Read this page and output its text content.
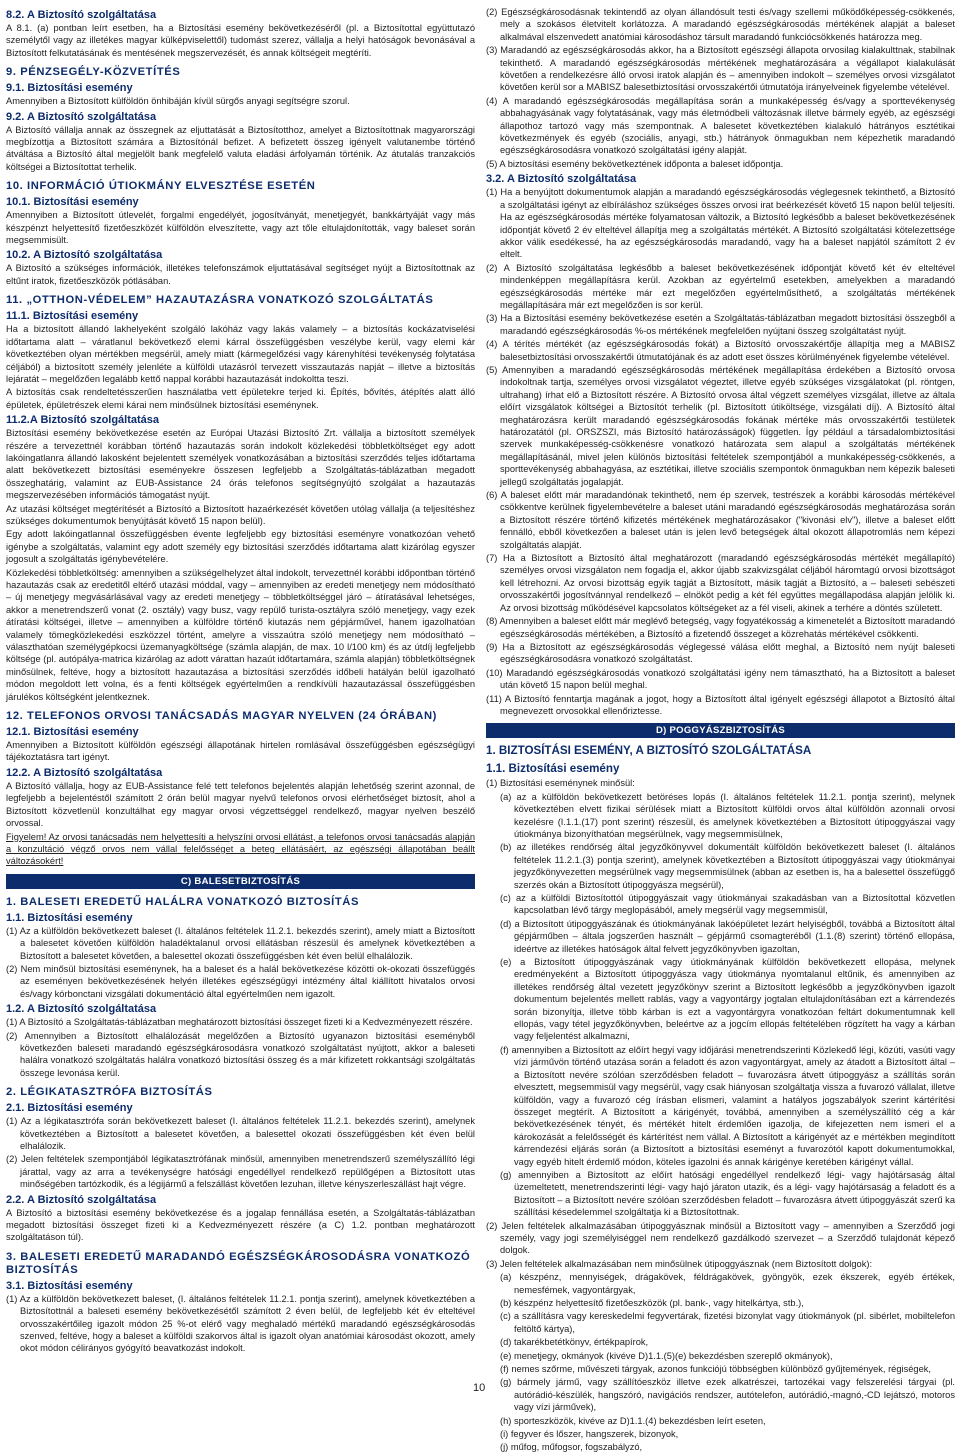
8.2. A Biztosító szolgáltatása

A 8.1. (a) pontban leírt esetben, ha a Biztosítási esemény bekövetkezéséről (pl. a Biztosítottal együttutazó személytől vagy az illetékes magyar külképviselettől) tudomást szerez, vállalja a helyi hatóságok bevonásával a Biztosított felkutatásának és mentésének megszervezését, és annak költségeit megtéríti.

9. PÉNZSEGÉLY-KÖZVETÍTÉS
9.1. Biztosítási esemény

Amennyiben a Biztosított külföldön önhibáján kívül sürgős anyagi segítségre szorul.

9.2. A Biztosító szolgáltatása

A Biztosító vállalja annak az összegnek az eljuttatását a Biztosítotthoz, amelyet a Biztosítottnak magyarországi megbízottja a Biztosított számára a Biztosítónál befizet. A befizetett összeg igényelt valutanembe történő átváltása a Biztosító által megjelölt bank megfelelő valuta eladási árfolyamán történik. Az átutalás tranzakciós költségei a Biztosítottat terhelik.

10. INFORMÁCIÓ ÚTIOKMÁNY ELVESZTÉSE ESETÉN
10.1. Biztosítási esemény

Amennyiben a Biztosított útlevelét, forgalmi engedélyét, jogosítványát, menetjegyét, bankkártyáját vagy más készpénzt helyettesítő fizetőeszközét külföldön elveszítette, vagy azt tőle eltulajdonították, vagy baleset során megsemmisült.

10.2. A Biztosító szolgáltatása

A Biztosító a szükséges információk, illetékes telefonszámok eljuttatásával segítséget nyújt a Biztosítottnak az eltűnt iratok, fizetőeszközök pótlásában.

11. „OTTHON-VÉDELEM” HAZAUTAZÁSRA VONATKOZÓ SZOLGÁLTATÁS
11.1. Biztosítási esemény

Ha a biztosított állandó lakhelyeként szolgáló lakóház vagy lakás valamely – a biztosítás kockázatviselési időtartama alatt – váratlanul bekövetkező elemi kárral összefüggésben veszélybe kerül, vagy elemi kár következtében olyan mértékben megsérül, amely miatt (kármegelőzési vagy kárenyhítési tevékenység folytatása céljából) a biztosított személy jelenléte a külföldi utazásról tervezett visszautazás napját – illetve a biztosítás lejáratát – megelőzően legalább kettő nappal korábbi hazautazását indokoltta teszi.

A biztosítás csak rendeltetésszerűen használatba vett épületekre terjed ki. Építés, bővítés, átépítés alatt álló épületek, épületrészek elemi kárai nem minősülnek biztosítási eseménynek.

11.2.A Biztosító szolgáltatása

Biztosítási esemény bekövetkezése esetén az Európai Utazási Biztosító Zrt. vállalja a biztosított személyek részére a tervezettnél korábban történő hazautazás során indokolt közlekedési többletköltséget egy adott lakóingatlanra állandó lakosként bejelentett személyek vonatkozásában a biztosítási szerződés teljes időtartama alatt bekövetkezett biztosítási eseményekre összesen legfeljebb a Szolgáltatás-táblázatban megadott összeghatárig, valamint az EUB-Assistance 24 órás telefonos segítségnyújtó szolgálat a hazautazás megszervezésében információs támogatást nyújt.

Az utazási költséget megtérítését a Biztosító a Biztosított hazaérkezését követően utólag vállalja (a teljesítéshez szükséges dokumentumok benyújtását követő 15 napon belül).

Egy adott lakóingatlannal összefüggésben évente legfeljebb egy biztosítási eseményre vonatkozóan vehető igénybe a szolgáltatás, valamint egy adott személy egy biztosítási szerződés időtartama alatt kizárólag egyszer jogosult a szolgáltatás igénybevételére.

Közlekedési többletköltség: amennyiben a szükségelhelyzet által indokolt, tervezettnél korábbi időpontban történő hazautazás csak az eredetitől eltérő utazási móddal, vagy – amennyiben az eredeti menetjegy nem módosítható – új menetjegy megvásárlásával vagy az eredeti menetjegy – többletköltséggel járó – átíratásával lehetséges, akkor a menetrendszerű vonat (2. osztály) vagy busz, vagy repülő turista-osztályra szóló menetjegy, vagy ezek átíratási költségei, illetve – amennyiben a külföldre történő kiutazás nem gépjárművel, hanem igazolhatóan valamely tömegközlekedési eszközzel történt, amelyre a visszaútra szóló menetjegy nem módosítható – választhatóan személygépkocsi üzemanyagköltsége (számla alapján, de max. 10 l/100 km) és az útdíj legfeljebb költsége (pl. autópálya-matrica kizárólag az adott várattan hazaút időtartamára, számla alapján) többletköltségnek minősülnek, feltéve, hogy a biztosított hazautazása a biztosítási szerződés időbeli hatályán belül igazolható módon megoldott lett volna, és a fenti költségek egyértelműen a rendkívüli hazautazással összefüggésben járulékos költségként jelentkeznek.

12. TELEFONOS ORVOSI TANÁCSADÁS MAGYAR NYELVEN (24 ÓRÁBAN)
12.1. Biztosítási esemény

Amennyiben a Biztosított külföldön egészségi állapotának hirtelen romlásával összefüggésben egészségügyi tájékoztatásra tart igényt.

12.2. A Biztosító szolgáltatása

A Biztosító vállalja, hogy az EUB-Assistance felé tett telefonos bejelentés alapján lehetőség szerint azonnal, de legfeljebb a bejelentéstől számított 2 órán belül magyar nyelvű telefonos orvosi elérhetőséget biztosít, ahol a Biztosított közvetlenül konzultálhat egy magyar orvosi végzettséggel rendelkező, magyar nyelven beszélő orvossal.

Figyelem! Az orvosi tanácsadás nem helyettesíti a helyszíni orvosi ellátást, a telefonos orvosi tanácsadás alapján a konzultáció végző orvos nem vállal felelősséget a beteg ellátásáért, az egészségi állapotában beállt változásokért!

C) BALESETBIZTOSÍTÁS
1. BALESETI EREDETŰ HALÁLRA VONATKOZÓ BIZTOSÍTÁS
1.1. Biztosítási esemény

(1) Az a külföldön bekövetkezett baleset (I. általános feltételek 11.2.1. bekezdés szerint), amely miatt a Biztosított a balesetet követően külföldön haladéktalanul orvosi ellátásban részesül és amelynek következtében a Biztosított a balesetet követően, a balesettel okozati összefüggésben két éven belül elhalálozik.

(2) Nem minősül biztosítási eseménynek, ha a baleset és a halál bekövetkezése közötti ok-okozati összefüggés az eseményen bekövetkezésének helyén illetékes egészségügyi intézmény által kiállított hivatalos orvosi és/vagy kórbonctani vizsgálati dokumentáció által egyértelműen nem igazolt.

1.2. A Biztosító szolgáltatása

(1) A Biztosító a Szolgáltatás-táblázatban meghatározott biztosítási összeget fizeti ki a Kedvezményezett részére.

(2) Amennyiben a Biztosított elhalálozását megelőzően a Biztosító ugyanazon biztosítási eseményből következően baleseti maradandó egészségkárosodásra vonatkozó szolgáltatást nyújtott, akkor a baleseti halálra vonatkozó szolgáltatás halálra vonatkozó biztosítási összeg és a már kifizetett rokkantsági szolgáltatás összege levonása kerül.

2. LÉGIKATASZTRÓFA BIZTOSÍTÁS
2.1. Biztosítási esemény

(1) Az a légikatasztrófa során bekövetkezett baleset (I. általános feltételek 11.2.1. bekezdés szerint), amelynek következtében a Biztosított a balesetet követően, a balesettel okozati összefüggésben két éven belül elhalálozik.

(2) Jelen feltételek szempontjából légikatasztrófának minősül, amennyiben menetrendszerű személyszállító légi járattal, vagy az arra a tevékenységre hatósági engedéllyel rendelkező repülőgépen a Biztosított utas minőségében tartózkodik, és a légijármű a felszállást követően lezuhan, illetve kényszerleszállást hajt végre.

2.2. A Biztosító szolgáltatása

A Biztosító a biztosítási esemény bekövetkezése és a jogalap fennállása esetén, a Szolgáltatás-táblázatban megadott biztosítási összeget fizeti ki a Kedvezményezett részére (a C) 1.2. pontban meghatározott szolgáltatáson túl).

3. BALESETI EREDETŰ MARADANDÓ EGÉSZSÉGKÁROSODÁSRA VONATKOZÓ BIZTOSÍTÁS
3.1. Biztosítási esemény

(1) Az a külföldön bekövetkezett baleset, (I. általános feltételek 11.2.1. pontja szerint), amelynek következtében a Biztosítottnál a baleseti esemény bekövetkezésétől számított 2 éven belül, de legfeljebb két év elteltével orvosszakértőileg igazolt módon 25 %-ot elérő vagy meghaladó mértékű maradandó egészségkárosodás szenved, feltéve, hogy a baleset a külföldi szakorvos által is igazolt olyan anatómiai károsodást okozott, amely okot módon célirányos gyógyító beavatkozást indokolt.

(2) Egészségkárosodásnak tekintendő az olyan állandósult testi és/vagy szellemi működőképesség-csökkenés, mely a szokásos életvitelt korlátozza. A maradandó egészségkárosodás mértékének alapját a baleset alkalmával elszenvedett anatómiai károsodáshoz társult maradandó funkciócsökkenés határozza meg.

(3) Maradandó az egészségkárosodás akkor, ha a Biztosított egészségi állapota orvosilag kialakulttnak, stabilnak tekinthető. A maradandó egészségkárosodás mértékének meghatározására a végállapot kialakulását követően a rendelkezésre álló orvosi iratok alapján és – amennyiben indokolt – személyes orvosi vizsgálatot követően kerül sor a MABISZ balesetbiztosítási orvosszakértői útmutatója irányelveinek figyelembe vételével.

(4) A maradandó egészségkárosodás megállapítása során a munkaképesség és/vagy a sporttevékenység abbahagyásának vagy folytatásának, vagy más életmódbeli változásnak illetve bármely egyéb, az egészségi állapothoz tartozó vagy más szempontnak. A balesetet következtében kialakuló hátrányos esztétikai következmények és egyéb (szociális, anyagi, stb.) hátrányok önmagukban nem képezhetik maradandó egészségkárosodásra vonatkozó szolgáltatási igény alapját.

(5) A biztosítási esemény bekövetkeztének időponta a baleset időpontja.

3.2. A Biztosító szolgáltatása

(1) Ha a benyújtott dokumentumok alapján a maradandó egészségkárosodás véglegesnek tekinthető, a Biztosító a szolgáltatási igényt az elbíráláshoz szükséges összes orvosi irat beérkezését követő 15 napon belül teljesíti. Ha az egészségkárosodás mértéke folyamatosan változik, a Biztosító legkésőbb a baleset bekövetkezésének időpontját követő 2 év elteltével állapítja meg a szolgáltatás mértékét. A Biztosító szolgáltatási kötelezettsége akkor válik esedékessé, ha az egészségkárosodás maradandó, vagy ha a baleset napjától számított 2 év eltelt.

(2) A Biztosító szolgáltatása legkésőbb a baleset bekövetkezésének időpontját követő két év elteltével mindenképpen megállapításra kerül. Azokban az egyértelmű esetekben, amelyekben a maradandó egészségkárosodás mértéke már ezt megelőzően egyértelműsíthető, a szolgáltatás mértékének megállapítására már ezt megelőzően is sor kerül.

(3) Ha a Biztosítási esemény bekövetkezése esetén a Szolgáltatás-táblázatban megadott biztosítási összegből a maradandó egészségkárosodás %-os mértékének megfelelően nyújtani összeg szolgáltatást nyújt.

(4) A térítés mértékét (az egészségkárosodás fokát) a Biztosító orvosszakértője állapítja meg a MABISZ balesetbiztosítási orvosszakértői útmutatójának és az adott eset összes körülményének figyelembe vételével.

(5) Amennyiben a maradandó egészségkárosodás mértékének megállapítása érdekében a Biztosító orvosa indokoltnak tartja, személyes orvosi vizsgálatot végeztet, illetve egyéb szükséges vizsgálatokat (pl. röntgen, ultrahang) írhat elő a Biztosított részére. A Biztosító orvosa által végzett személyes vizsgálat, illetve az általa előírt vizsgálatok költségei a Biztosítót terhelik (pl. Biztosított útiköltsége, vizsgálati díj). A Biztosító által meghatározásra került maradandó egészségkárosodás fokának mértéke más orvosszakértői testületek határozatától (pl. ORSZSZI, más Biztosító határozásságok) független. Így például a társadalombiztosítási szervek munkaképesség-csökkenésre vonatkozó határozata sem alapul a szolgáltatás mértékének megállapításánál, mivel jelen különös biztosítási feltételek szempontjából a munkaképesség-csökkenés, a sporttevékenység abbahagyása, az esztétikai, illetve szociális szempontok önmagukban nem képezik baleseti jellegű szolgáltatás jogalapját.

(6) A baleset előtt már maradandónak tekinthető, nem ép szervek, testrészek a korábbi károsodás mértékével csökkentve kerülnek figyelembevételre a baleset utáni maradandó egészségkárosodás meghatározása során a Biztosított részére történő kifizetés mértékének meghatározásakor ("kivonási elv"), illetve a baleset előtt fennálló, ebből következően a baleset után is jelen levő betegségek által okozott állapotromlás nem képezi szolgáltatás alapját.

(7) Ha a Biztosított a Biztosító által meghatározott (maradandó egészségkárosodás mértékét megállapító) személyes orvosi vizsgálaton nem fogadja el, akkor újabb szakvizsgálat céljából háromtagú orvosi bizottságot kell létrehozni. Az orvosi bizottság egyik tagját a Biztosított, másik tagját a Biztosító, a – baleseti sebészeti orvosszakértői jogosítvánnyal rendelkező – elnököt pedig a két fél együttes megállapodása alapján jelölik ki. Az orvosi bizottság működésével kapcsolatos költségeket az a fél viseli, akinek a terhére a döntés született.

(8) Amennyiben a baleset előtt már meglévő betegség, vagy fogyatékosság a kimenetelét a Biztosított maradandó egészségkárosodás mértékében, a Biztosító a fizetendő összeget a közrehatás mértékével csökkenti.

(9) Ha a Biztosított az egészségkárosodás véglegessé válása előtt meghal, a Biztosító nem nyújt baleseti egészségkárosodásra vonatkozó szolgáltatást.

(10) Maradandó egészségkárosodás vonatkozó szolgáltatási igény nem támasztható, ha a Biztosított a baleset után követő 15 napon belül meghal.

(11) A Biztosító fenntartja magának a jogot, hogy a Biztosított által igényelt egészségi állapotot a Biztosító által megnevezett orvosokkal ellenőriztesse.

D) POGGYÁSZBIZTOSÍTÁS
1. BIZTOSÍTÁSI ESEMÉNY, A BIZTOSÍTÓ SZOLGÁLTATÁSA
1.1. Biztosítási esemény

(1) Biztosítási eseménynek minősül:

(a) az a külföldön bekövetkezett betöréses lopás (I. általános feltételek 11.2.1. pontja szerint), melynek következtében elvett fizikai sérülések miatt a Biztosított külföldi orvos által külföldön azonnali orvosi kezelésre (I.1.1.(17) pont szerint) részesül, és amelynek következtében a Biztosított útipoggyászai vagy útiokmánya bizonyíthatóan megsérülnek, vagy megsemmisülnek,

(b) az illetékes rendőrség által jegyzőkönyvvel dokumentált külföldön bekövetkezett baleset (I. általános feltételek 11.2.1.(3) pontja szerint), amelynek következtében a Biztosított útipoggyászai vagy útiokmányai jegyzőkönyvezetten megsérülnek vagy megsemmisülnek (abban az esetben is, ha a balesettel összefüggő szerzés okán a Biztosított útipoggyásza megsérül),

(c) az a külföldi Biztosítottól útipoggyászait vagy útiokmányai szakadásban van a Biztosítottal közvetlen kapcsolatban lévő tárgy meglopásából, amely megsérül vagy megsemmisül,

(d) a Biztosított útipoggyászának és útiokmányának lakóépületet lezárt helyiségből, továbbá a Biztosított által gépjárműben – általa jogszerűen használt – gépjármű csomagteréből (1.1.(8) szerint) történő ellopása, ideértve az illetékes hatóságok által felvett jegyzőkönyvben igazoltan,

(e) a Biztosított útipoggyászának vagy útiokmányának külföldön bekövetkezett ellopása, melynek eredményeként a Biztosított útipoggyásza vagy útiokmánya nyomtalanul eltűnik, és amennyiben az illetékes rendőrség által vezetett jegyzőkönyv szerint a Biztosított legkésőbb a jegyzőkönyvben igazolt dokumentum bejelentés mellett rablás, vagy a vagyontárgy jogtalan eltulajdonításában ezt a kárrendezés során bizonyítja, illetve több kárban is ezt a vagyontárgyra vonatkozóan feltárt dokumentumnak kell ellopás, vagy tétel jegyzőkönyvben, beleértve az a jogcím ellopás feltételében rögzített ha vagy a kárban vagy feljelentést alkalmazni,

(f) amennyiben a Biztosított az előírt hegyi vagy időjárási menetrendszerinti Közlekedő légi, közúti, vasúti vagy vízi járművön történő utazása során a feladott és azon vagyontárgyat, amely az átadott a Biztosított által – a Biztosított nevére szólóan szerződésben feladott – fuvarozásra átvett útipoggyász a szállítás során elvesztett, megsemmisül vagy megsérül, vagy csak hiányosan szolgáltatja vissza a fuvarozó vállalat, illetve külföldön, vagy a fuvarozó cég írásban elismeri, valamint a hatályos jogszabályok szerint kártérítési összeget megtérít. A Biztosított a kárigényét, továbbá, amennyiben a személyszállító cég a kár bekövetkezésének tényét, és mértékét hitelt érdemlően igazolja, de kifejezetten nem ismeri el a károkozását a felelősségét és kártérítést nem vállal. A Biztosított a kárigényét az e mértékben megindított kárrendezési eljárás során (a Biztosított a biztosítási eseményt a fuvarozótól kapott dokumentumokkal, vagy egyéb hitelt érdemlő módon, köteles igazolni és annak kárigénye keretében kárigényt vállal.

(g) amennyiben a Biztosított az előírt hatósági engedéllyel rendelkező légi- vagy hajótársaság által üzemeltetett, menetrendszerinti légi- vagy hajó járaton utazik, és a légi- vagy hajótársaság a feladott és a Biztosított – a Biztosított nevére szólóan szerződésben feladott – fuvarozásra átvett útipoggyászát szerű ka szállítási késedelemmel szolgáltatja ki a Biztosítottnak.

(2) Jelen feltételek alkalmazásában útipoggyásznak minősül a Biztosított vagy – amennyiben a Szerződő jogi személy, vagy jogi személyiséggel nem rendelkező gazdálkodó szervezet – a Szerződő tulajdonát képező dolgok.

(3) Jelen feltételek alkalmazásában nem minősülnek útipoggyásznak (nem Biztosított dolgok):

(a) készpénz, mennyiségek, drágakövek, féldrágakövek, gyöngyök, ezek ékszerek, egyéb értékek, nemesfémek, vagyontárgyak,

(b) készpénz helyettesítő fizetőeszközök (pl. bank-, vagy hitelkártya, stb.),

(c) a szállításra vagy kereskedelmi fegyvertárak, fizetési bizonylat vagy útiokmányok (pl. sibérlet, mobiltelefon feltöltő kártya),

(d) takarékbetétkönyv, értékpapírok,

(e) menetjegy, okmányok (kivéve D)1.1.(5)(e) bekezdésben szereplő okmányok),

(f) nemes szőrme, művészeti tárgyak, azonos funkciójú többségben különböző gyűjtemények, régiségek,

(g) bármely jármű, vagy szállítóeszköz illetve ezek alkatrészei, tartozékai vagy felszerelési tárgyai (pl. autórádió-készülék, hangszóró, navigációs rendszer, autótelefon, autórádió,-magnó,-CD lejátszó, motoros vagy vízi járművek),

(h) sporteszközök, kivéve az D)1.1.(4) bekezdésben leírt eseten,

(i) fegyver és lőszer, hangszerek, bizonyok,

(j) műfog, műfogsor, fogszabályzó,

10
